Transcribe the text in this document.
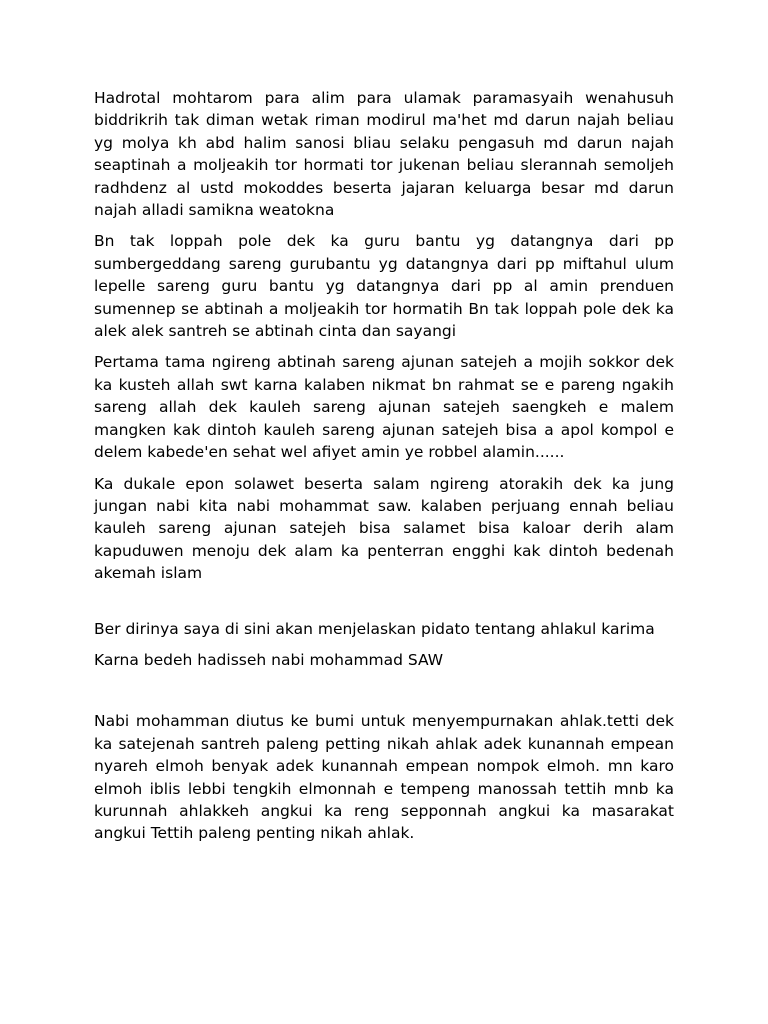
Hadrotal mohtarom para alim para ulamak paramasyaih wenahusuh biddrikrih tak diman wetak riman modirul ma'het md darun najah beliau yg molya kh abd halim sanosi bliau selaku pengasuh md darun najah seaptinah a moljeakih tor hormati tor jukenan beliau slerannah semoljeh radhdenz al ustd mokoddes beserta jajaran keluarga besar md darun najah alladi samikna weatokna

Bn tak loppah pole dek ka guru bantu yg datangnya dari pp sumbergeddang sareng gurubantu yg datangnya dari pp miftahul ulum lepelle sareng guru bantu yg datangnya dari pp al amin prenduen sumennep se abtinah a moljeakih tor hormatih Bn tak loppah pole dek ka alek alek santreh se abtinah cinta dan sayangi

Pertama tama ngireng abtinah sareng ajunan satejeh a mojih sokkor dek ka kusteh allah swt karna kalaben nikmat bn rahmat se e pareng ngakih sareng allah dek kauleh sareng ajunan satejeh saengkeh e malem mangken kak dintoh kauleh sareng ajunan satejeh bisa a apol kompol e delem kabede'en sehat wel afiyet amin ye robbel alamin......

Ka dukale epon solawet beserta salam ngireng atorakih dek ka jung jungan nabi kita nabi mohammat saw. kalaben perjuang ennah beliau kauleh sareng ajunan satejeh bisa salamet bisa kaloar derih alam kapuduwen menoju dek alam ka penterran engghi kak dintoh bedenah akemah islam

Ber dirinya saya di sini akan menjelaskan pidato tentang ahlakul karima

Karna bedeh hadisseh nabi mohammad SAW

Nabi mohamman diutus ke bumi untuk menyempurnakan ahlak.tetti dek ka satejenah santreh paleng petting nikah ahlak adek kunannah empean nyareh elmoh benyak adek kunannah empean nompok elmoh. mn karo elmoh iblis lebbi tengkih elmonnah e tempeng manossah tettih mnb ka kurunnah ahlakkeh angkui ka reng sepponnah angkui ka masarakat angkui Tettih paleng penting nikah ahlak.
